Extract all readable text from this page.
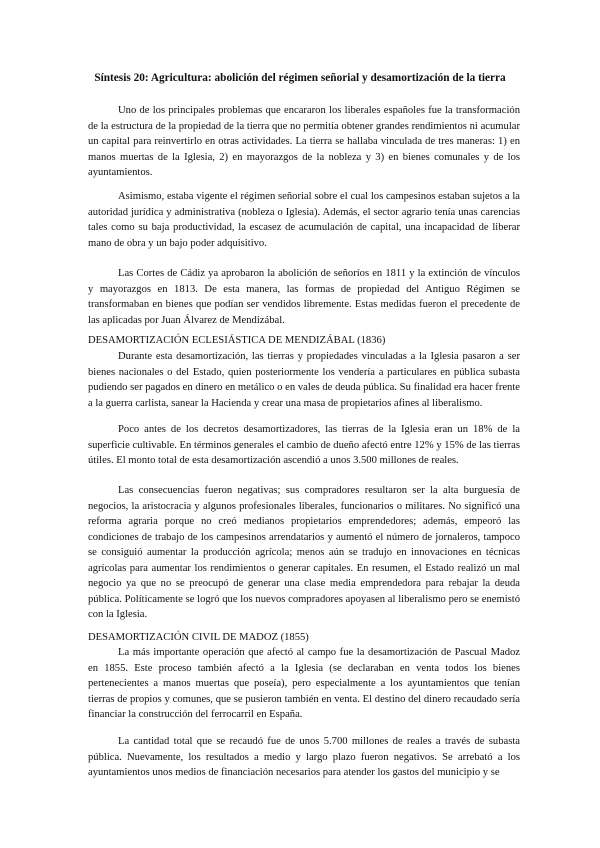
Síntesis 20: Agricultura: abolición del régimen señorial y desamortización de la tierra
Uno de los principales problemas que encararon los liberales españoles fue la transformación de la estructura de la propiedad de la tierra que no permitía obtener grandes rendimientos ni acumular un capital para reinvertirlo en otras actividades. La tierra se hallaba vinculada de tres maneras: 1) en manos muertas de la Iglesia, 2) en mayorazgos de la nobleza y 3) en bienes comunales y de los ayuntamientos.
Asimismo, estaba vigente el régimen señorial sobre el cual los campesinos estaban sujetos a la autoridad jurídica y administrativa (nobleza o Iglesia). Además, el sector agrario tenía unas carencias tales como su baja productividad, la escasez de acumulación de capital, una incapacidad de liberar mano de obra y un bajo poder adquisitivo.
Las Cortes de Cádiz ya aprobaron la abolición de señoríos en 1811 y la extinción de vínculos y mayorazgos en 1813. De esta manera, las formas de propiedad del Antiguo Régimen se transformaban en bienes que podían ser vendidos libremente. Estas medidas fueron el precedente de las aplicadas por Juan Álvarez de Mendizábal.
DESAMORTIZACIÓN ECLESIÁSTICA DE MENDIZÁBAL (1836)
Durante esta desamortización, las tierras y propiedades vinculadas a la Iglesia pasaron a ser bienes nacionales o del Estado, quien posteriormente los vendería a particulares en pública subasta pudiendo ser pagados en dinero en metálico o en vales de deuda pública. Su finalidad era hacer frente a la guerra carlista, sanear la Hacienda y crear una masa de propietarios afines al liberalismo.
Poco antes de los decretos desamortizadores, las tierras de la Iglesia eran un 18% de la superficie cultivable. En términos generales el cambio de dueño afectó entre 12% y 15% de las tierras útiles. El monto total de esta desamortización ascendió a unos 3.500 millones de reales.
Las consecuencias fueron negativas; sus compradores resultaron ser la alta burguesía de negocios, la aristocracia y algunos profesionales liberales, funcionarios o militares. No significó una reforma agraria porque no creó medianos propietarios emprendedores; además, empeoró las condiciones de trabajo de los campesinos arrendatarios y aumentó el número de jornaleros, tampoco se consiguió aumentar la producción agrícola; menos aún se tradujo en innovaciones en técnicas agrícolas para aumentar los rendimientos o generar capitales. En resumen, el Estado realizó un mal negocio ya que no se preocupó de generar una clase media emprendedora para rebajar la deuda pública. Políticamente se logró que los nuevos compradores apoyasen al liberalismo pero se enemistó con la Iglesia.
DESAMORTIZACIÓN CIVIL DE MADOZ (1855)
La más importante operación que afectó al campo fue la desamortización de Pascual Madoz en 1855. Este proceso también afectó a la Iglesia (se declaraban en venta todos los bienes pertenecientes a manos muertas que poseía), pero especialmente a los ayuntamientos que tenían tierras de propios y comunes, que se pusieron también en venta. El destino del dinero recaudado sería financiar la construcción del ferrocarril en España.
La cantidad total que se recaudó fue de unos 5.700 millones de reales a través de subasta pública. Nuevamente, los resultados a medio y largo plazo fueron negativos. Se arrebató a los ayuntamientos unos medios de financiación necesarios para atender los gastos del municipio y se
